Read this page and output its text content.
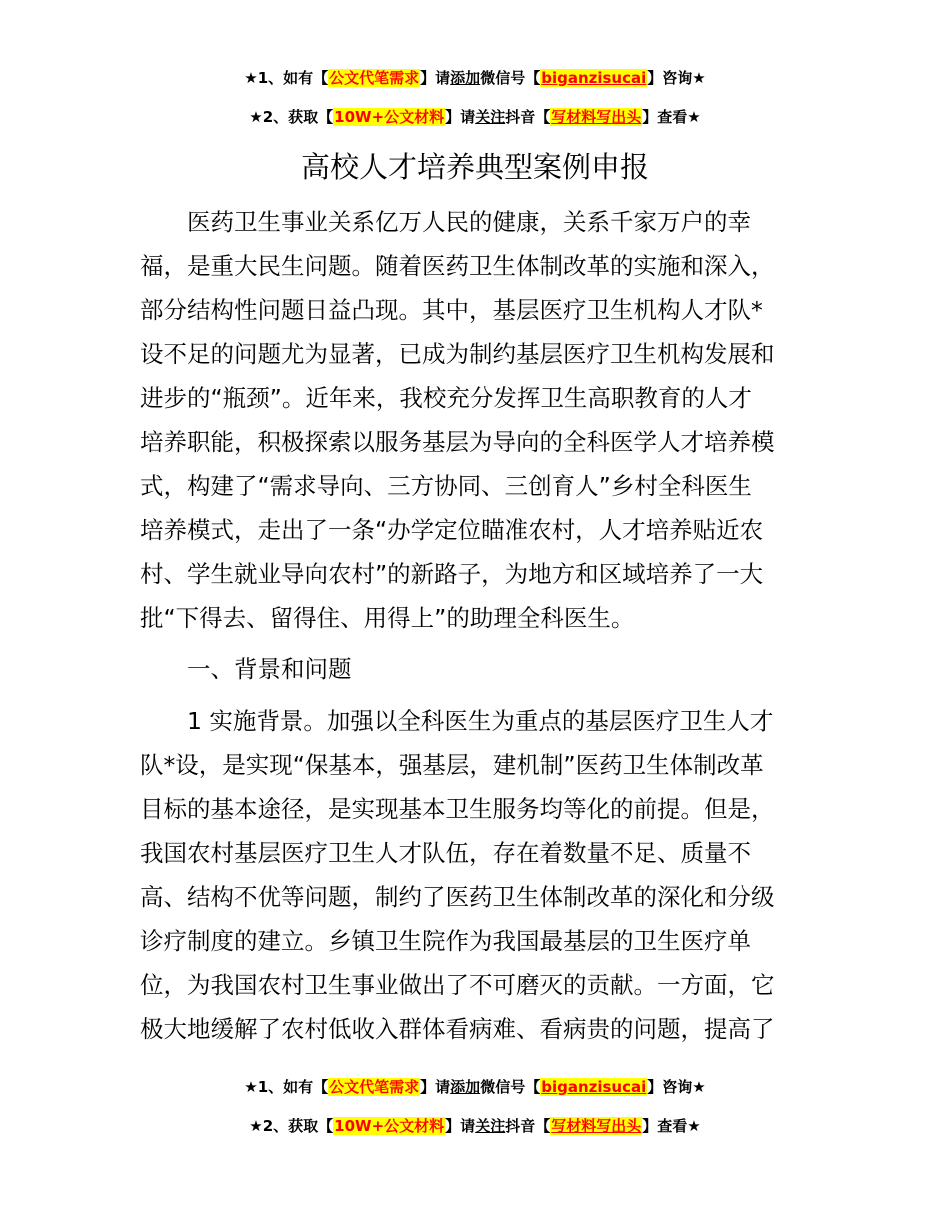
★1、如有【公文代笔需求】请添加微信号【biganzisucai】咨询★
★2、获取【10W+公文材料】请关注抖音【写材料写出头】查看★
高校人才培养典型案例申报
　　医药卫生事业关系亿万人民的健康，关系千家万户的幸
福，是重大民生问题。随着医药卫生体制改革的实施和深入，
部分结构性问题日益凸现。其中，基层医疗卫生机构人才队*
设不足的问题尤为显著，已成为制约基层医疗卫生机构发展和
进步的“瓶颈”。近年来，我校充分发挥卫生高职教育的人才
培养职能，积极探索以服务基层为导向的全科医学人才培养模
式，构建了“需求导向、三方协同、三创育人”乡村全科医生
培养模式，走出了一条“办学定位瞄准农村，人才培养贴近农
村、学生就业导向农村”的新路子，为地方和区域培养了一大
批“下得去、留得住、用得上”的助理全科医生。
　　一、背景和问题
　　1 实施背景。加强以全科医生为重点的基层医疗卫生人才
队*设，是实现“保基本，强基层，建机制”医药卫生体制改革
目标的基本途径，是实现基本卫生服务均等化的前提。但是，
我国农村基层医疗卫生人才队伍，存在着数量不足、质量不
高、结构不优等问题，制约了医药卫生体制改革的深化和分级
诊疗制度的建立。乡镇卫生院作为我国最基层的卫生医疗单
位，为我国农村卫生事业做出了不可磨灭的贡献。一方面，它
极大地缓解了农村低收入群体看病难、看病贵的问题，提高了
★1、如有【公文代笔需求】请添加微信号【biganzisucai】咨询★
★2、获取【10W+公文材料】请关注抖音【写材料写出头】查看★
